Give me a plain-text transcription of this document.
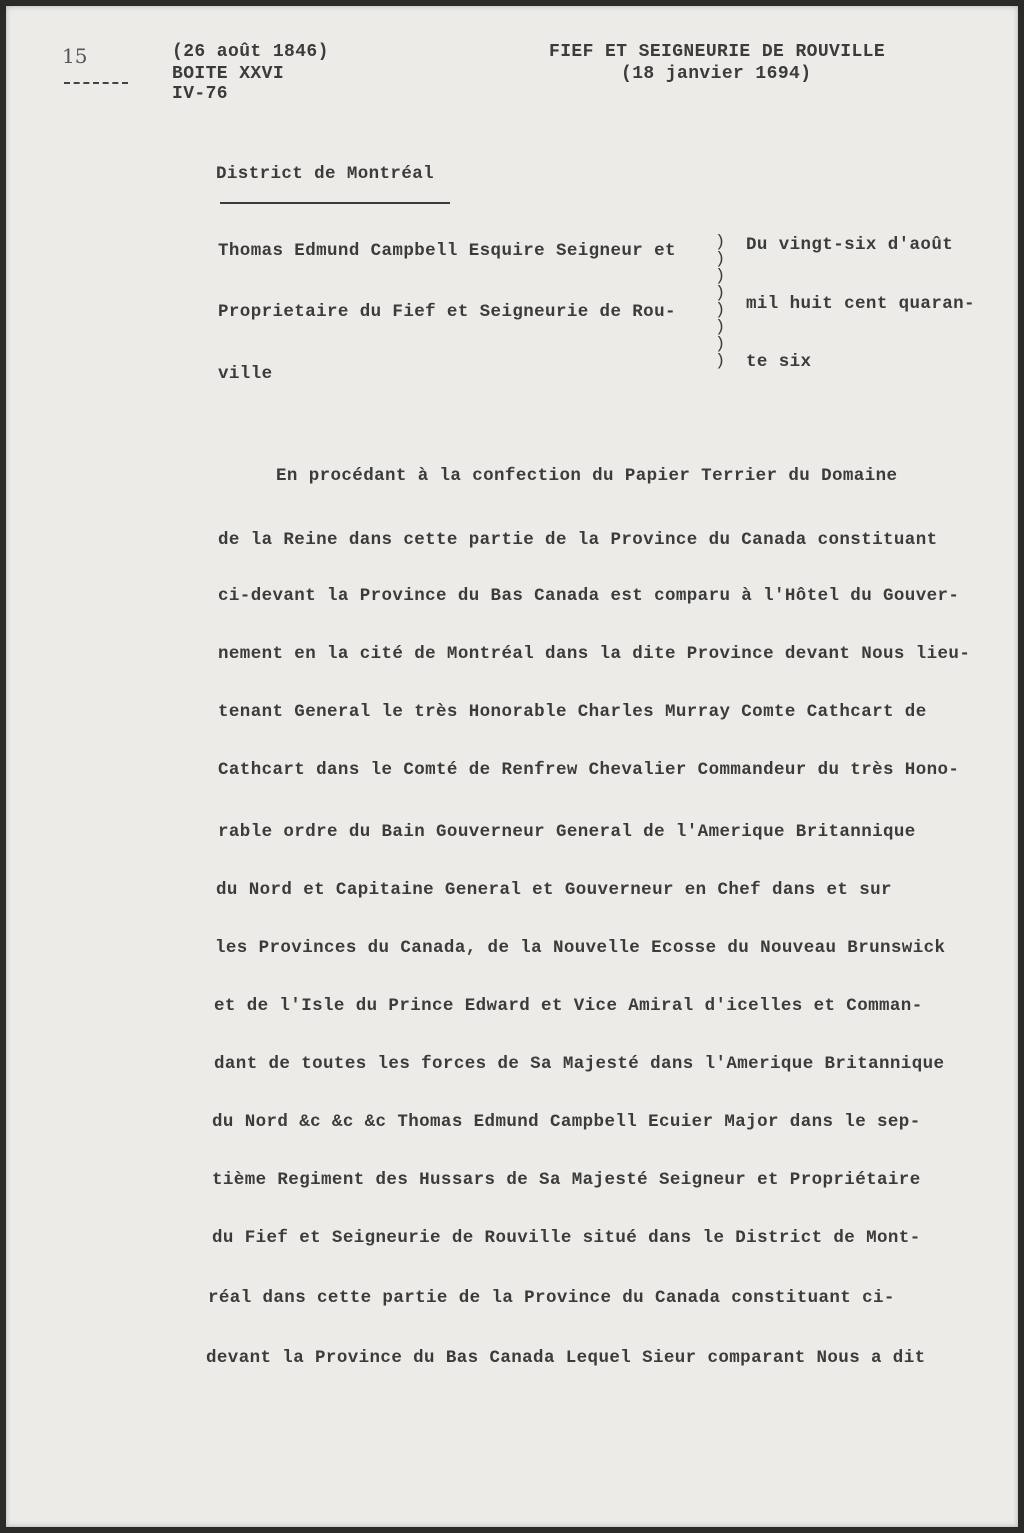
15	(26 août 1846)
BOITE XXVI
IV-76
FIEF ET SEIGNEURIE DE ROUVILLE
(18 janvier 1694)
District de Montréal
Thomas Edmund Campbell Esquire Seigneur et
Proprietaire du Fief et Seigneurie de Rou-
ville
)
)
)
)
)
)
)
)
Du vingt-six d'août
mil huit cent quaran-
te six
En procédant à la confection du Papier Terrier du Domaine
de la Reine dans cette partie de la Province du Canada constituant
ci-devant la Province du Bas Canada est comparu à l'Hôtel du Gouver-
nement en la cité de Montréal dans la dite Province devant Nous lieu-
tenant General le très Honorable Charles Murray Comte Cathcart de
Cathcart dans le Comté de Renfrew Chevalier Commandeur du très Hono-
rable ordre du Bain Gouverneur General de l'Amerique Britannique
du Nord et Capitaine General et Gouverneur en Chef dans et sur
les Provinces du Canada, de la Nouvelle Ecosse du Nouveau Brunswick
et de l'Isle du Prince Edward et Vice Amiral d'icelles et Comman-
dant de toutes les forces de Sa Majesté dans l'Amerique Britannique
du Nord &c &c &c Thomas Edmund Campbell Ecuier Major dans le sep-
tième Regiment des Hussars de Sa Majesté Seigneur et Propriétaire
du Fief et Seigneurie de Rouville situé dans le District de Mont-
réal dans cette partie de la Province du Canada constituant ci-
devant la Province du Bas Canada Lequel Sieur comparant Nous a dit
